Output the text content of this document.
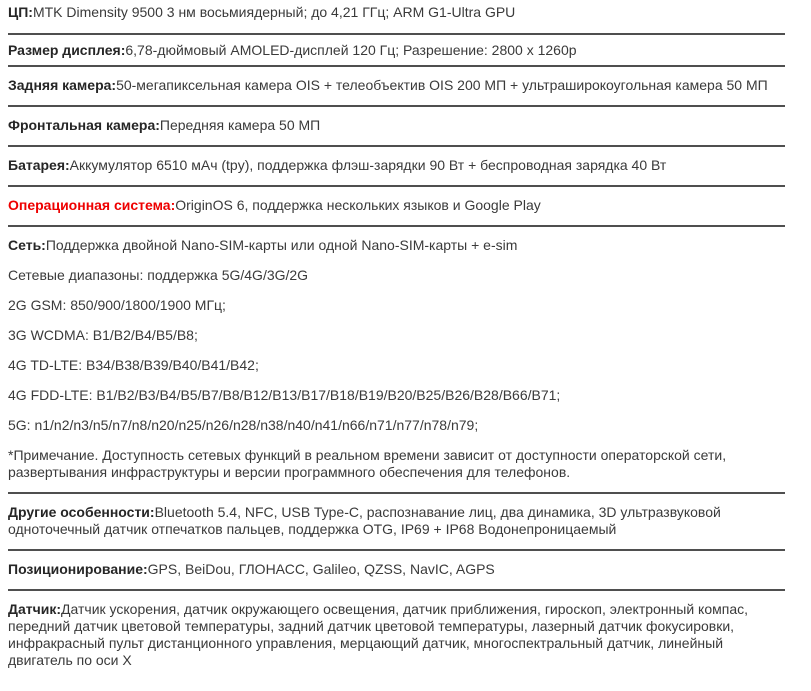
ЦП:MTK Dimensity 9500 3 нм восьмиядерный; до 4,21 ГГц; ARM G1-Ultra GPU

Размер дисплея:6,78-дюймовый AMOLED-дисплей 120 Гц; Разрешение: 2800 x 1260p

Задняя камера:50-мегапиксельная камера OIS + телеобъектив OIS 200 МП + ультраширокоугольная камера 50 МП

Фронтальная камера:Передняя камера 50 МП

Батарея:Аккумулятор 6510 мАч (tpy), поддержка флэш-зарядки 90 Вт + беспроводная зарядка 40 Вт

Операционная система:OriginOS 6, поддержка нескольких языков и Google Play

Сеть:Поддержка двойной Nano-SIM-карты или одной Nano-SIM-карты + e-sim

Сетевые диапазоны: поддержка 5G/4G/3G/2G

2G GSM: 850/900/1800/1900 МГц;

3G WCDMA: B1/B2/B4/B5/B8;

4G TD-LTE: B34/B38/B39/B40/B41/B42;

4G FDD-LTE: B1/B2/B3/B4/B5/B7/B8/B12/B13/B17/B18/B19/B20/B25/B26/B28/B66/B71;

5G: n1/n2/n3/n5/n7/n8/n20/n25/n26/n28/n38/n40/n41/n66/n71/n77/n78/n79;

*Примечание. Доступность сетевых функций в реальном времени зависит от доступности операторской сети, развертывания инфраструктуры и версии программного обеспечения для телефонов.

Другие особенности:Bluetooth 5.4, NFC, USB Type-C, распознавание лиц, два динамика, 3D ультразвуковой одноточечный датчик отпечатков пальцев, поддержка OTG, IP69 + IP68 Водонепроницаемый

Позиционирование:GPS, BeiDou, ГЛОНАСС, Galileo, QZSS, NavIC, AGPS

Датчик:Датчик ускорения, датчик окружающего освещения, датчик приближения, гироскоп, электронный компас, передний датчик цветовой температуры, задний датчик цветовой температуры, лазерный датчик фокусировки, инфракрасный пульт дистанционного управления, мерцающий датчик, многоспектральный датчик, линейный двигатель по оси X
